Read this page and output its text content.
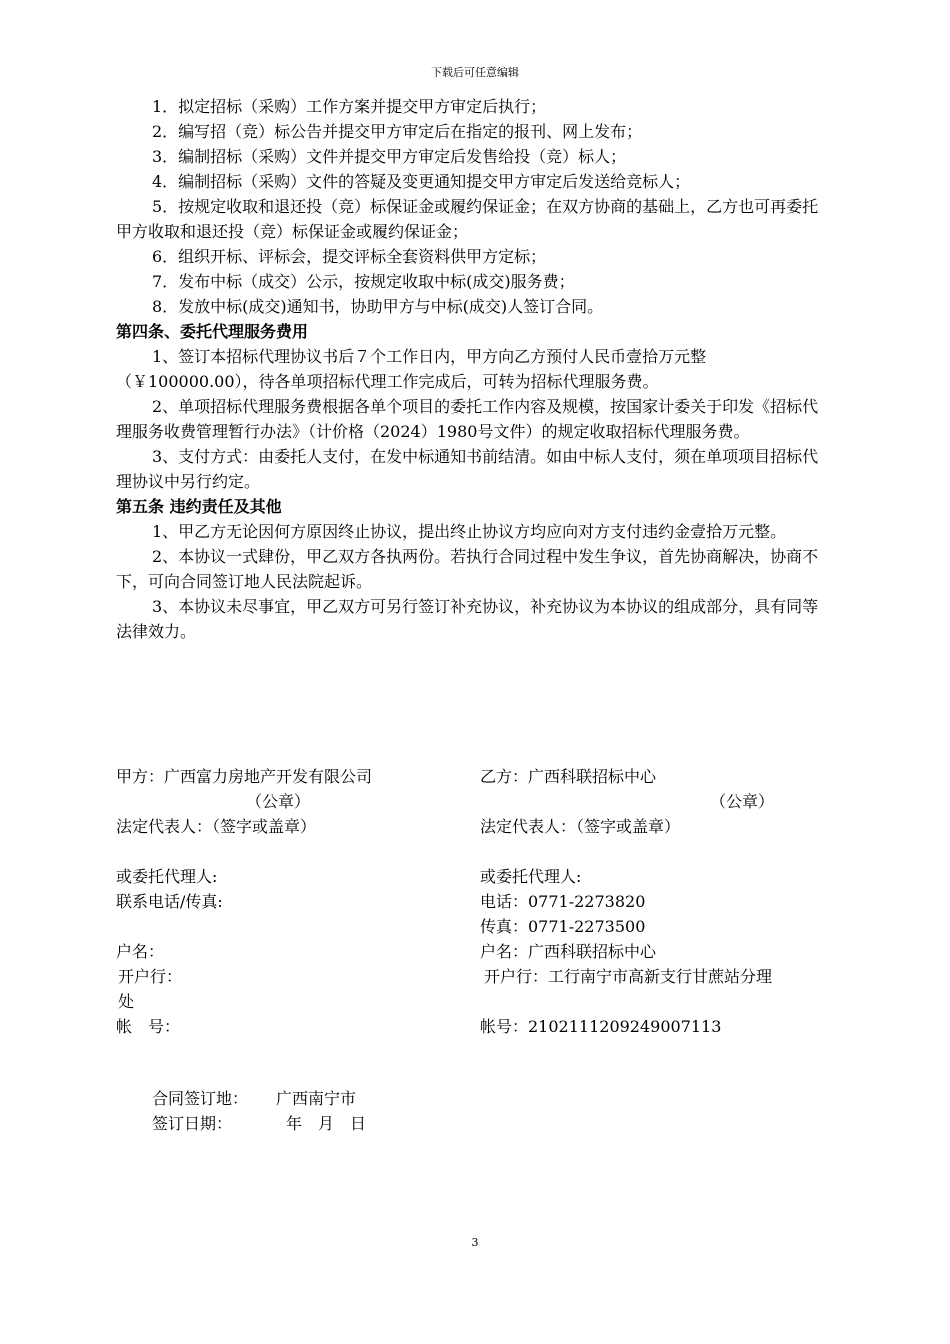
下载后可任意编辑

1．拟定招标（采购）工作方案并提交甲方审定后执行；

2．编写招（竞）标公告并提交甲方审定后在指定的报刊、网上发布；

3．编制招标（采购）文件并提交甲方审定后发售给投（竞）标人；

4．编制招标（采购）文件的答疑及变更通知提交甲方审定后发送给竞标人；

5．按规定收取和退还投（竞）标保证金或履约保证金；在双方协商的基础上，乙方也可再委托甲方收取和退还投（竞）标保证金或履约保证金；

6．组织开标、评标会，提交评标全套资料供甲方定标；

7．发布中标（成交）公示，按规定收取中标(成交)服务费；

8．发放中标(成交)通知书，协助甲方与中标(成交)人签订合同。

第四条、委托代理服务费用

1、签订本招标代理协议书后７个工作日内，甲方向乙方预付人民币壹拾万元整（￥100000.00），待各单项招标代理工作完成后，可转为招标代理服务费。

2、单项招标代理服务费根据各单个项目的委托工作内容及规模，按国家计委关于印发《招标代理服务收费管理暂行办法》（计价格（2024）1980号文件）的规定收取招标代理服务费。

3、支付方式：由委托人支付，在发中标通知书前结清。如由中标人支付，须在单项项目招标代理协议中另行约定。

第五条 违约责任及其他

1、甲乙方无论因何方原因终止协议，提出终止协议方均应向对方支付违约金壹拾万元整。

2、本协议一式肆份，甲乙双方各执两份。若执行合同过程中发生争议，首先协商解决，协商不下，可向合同签订地人民法院起诉。

3、本协议未尽事宜，甲乙双方可另行签订补充协议，补充协议为本协议的组成部分，具有同等法律效力。

甲方：广西富力房地产开发有限公司	乙方：广西科联招标中心
（公章）	（公章）
法定代表人：（签字或盖章）	法定代表人：（签字或盖章）
或委托代理人:	或委托代理人:
联系电话/传真:	电话：0771-2273820
传真：0771-2273500
户名：	户名：广西科联招标中心
开户行：	开户行：工行南宁市高新支行甘蔗站分理
处
帐　号：	帐号：2102111209249007113
合同签订地：	广西南宁市
签订日期：	年　月　日
3
